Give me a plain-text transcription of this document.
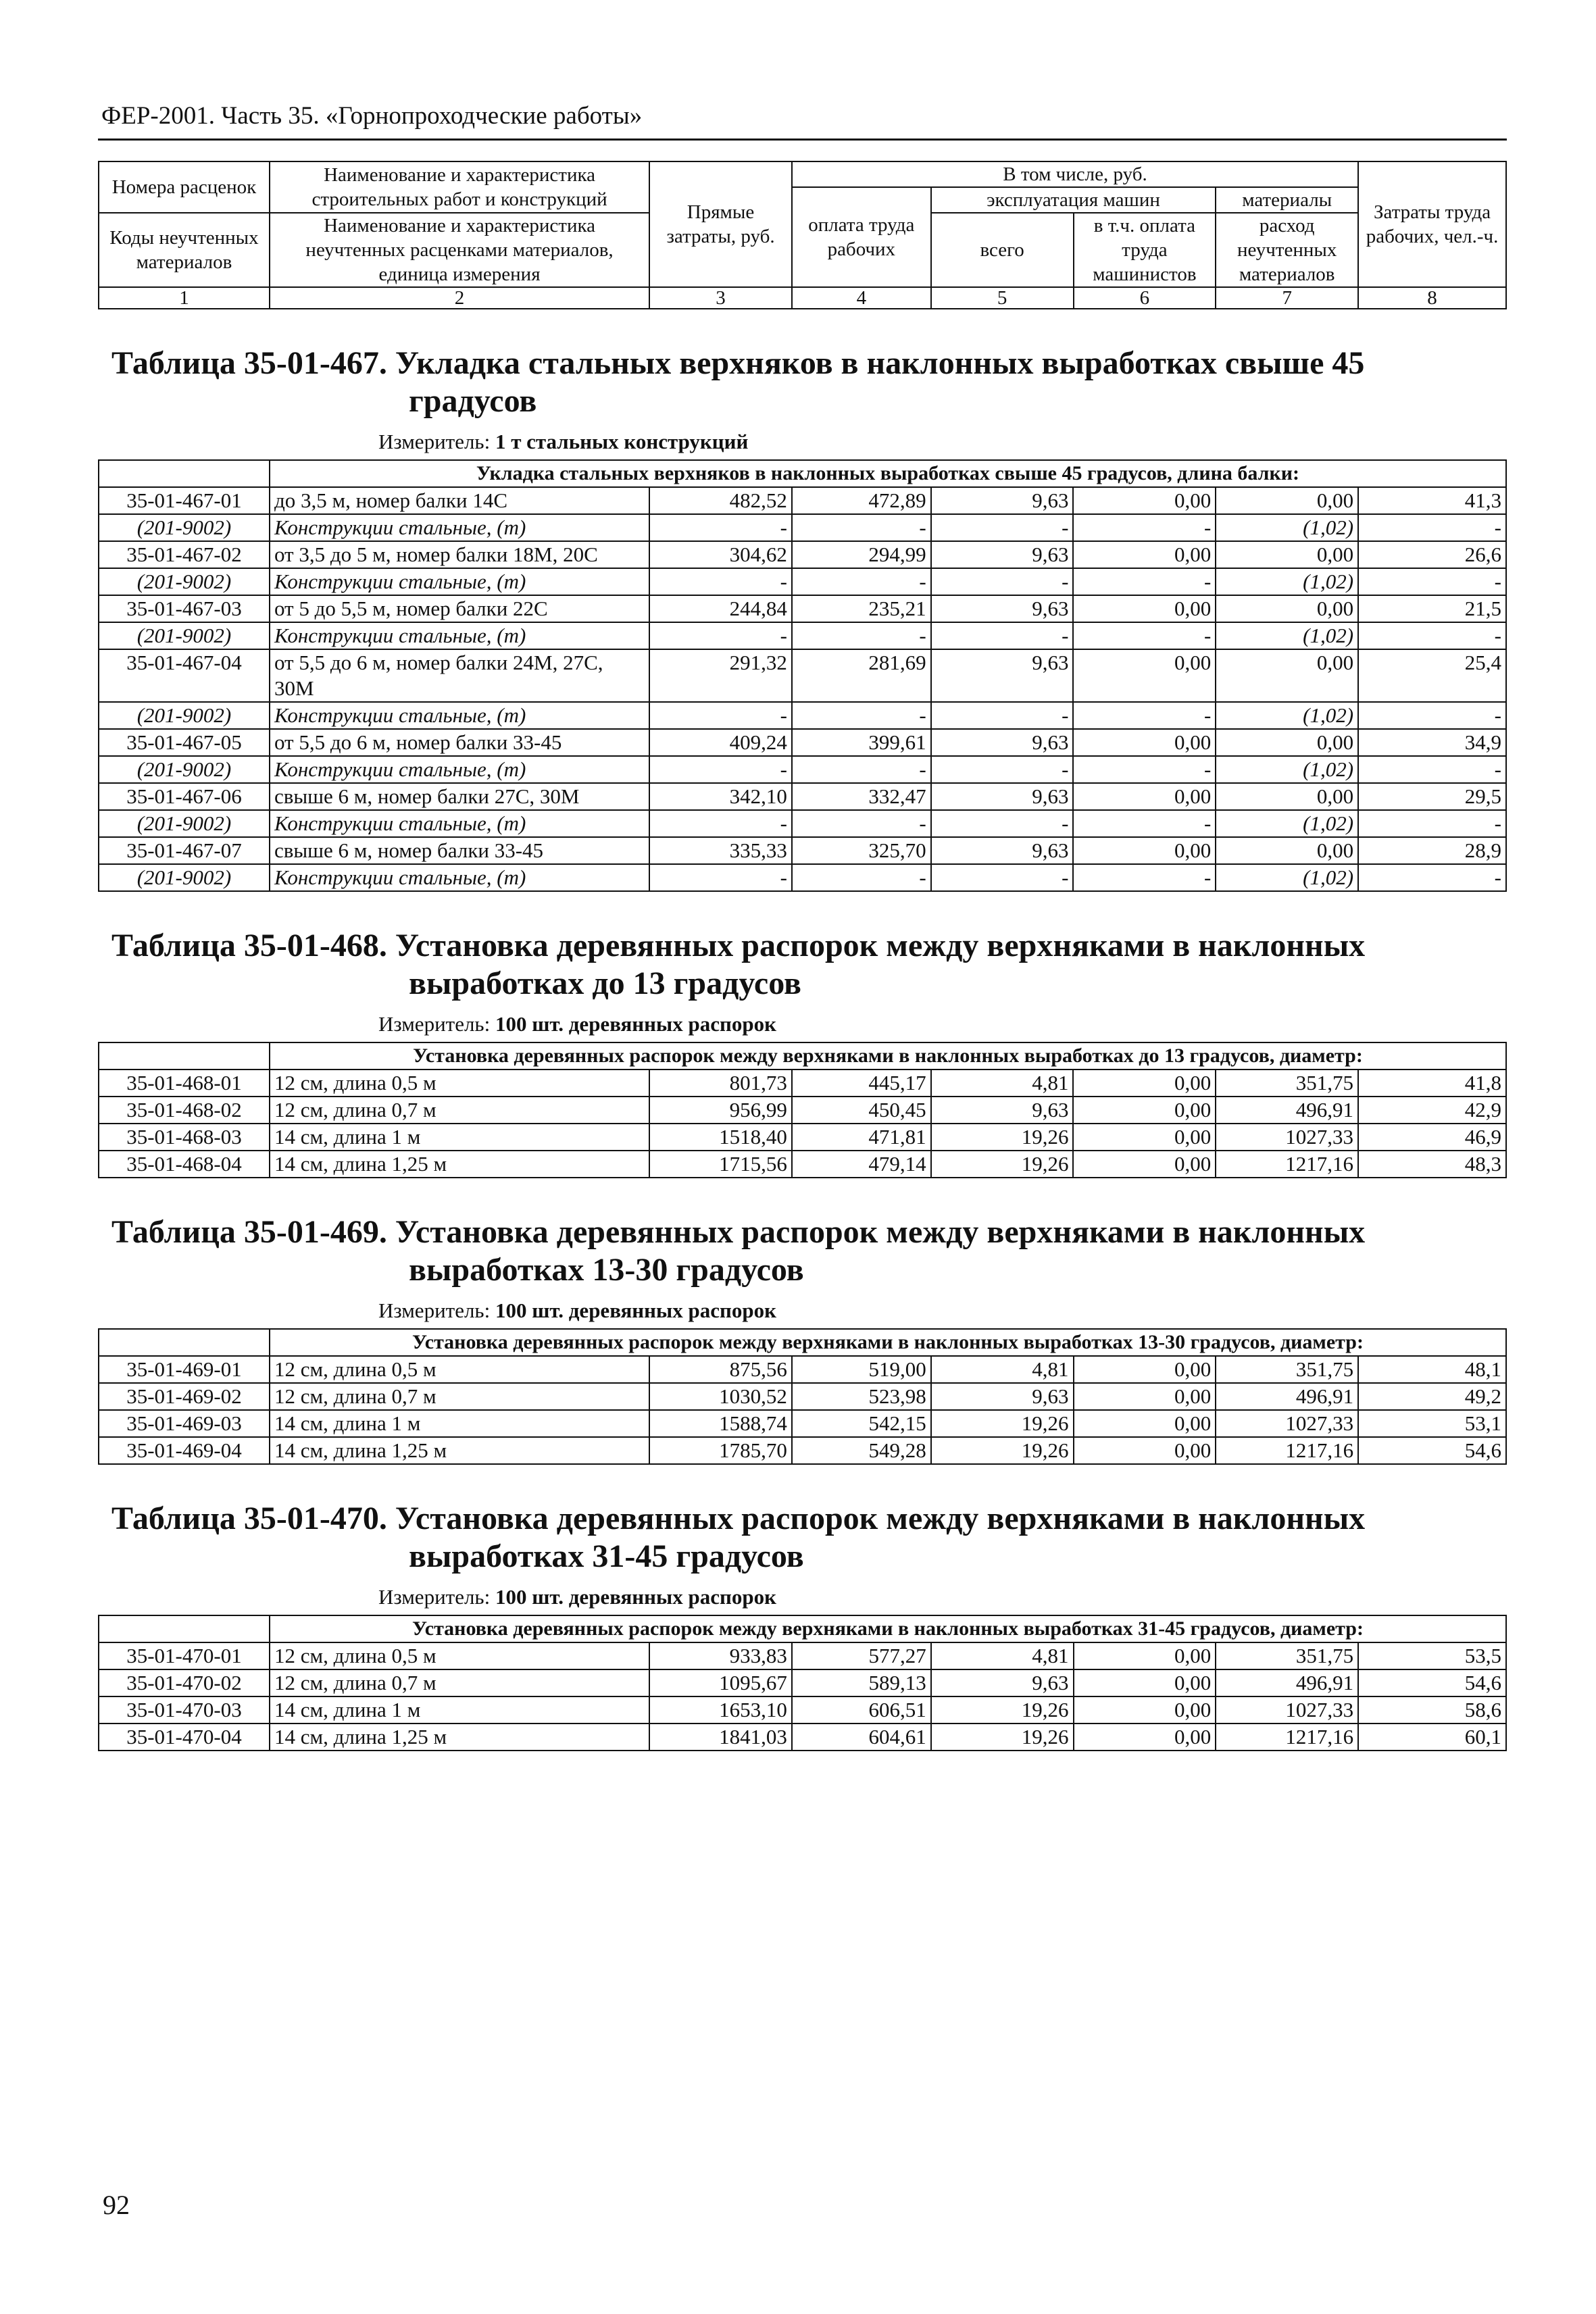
ФЕР-2001. Часть 35. «Горнопроходческие работы»
Номера расценок	Наименование и характеристика строительных работ и конструкций	Прямые затраты, руб.	В том числе, руб.				Затраты труда рабочих, чел.-ч.
			оплата труда рабочих	эксплуатация машин		материалы	
Коды неучтенных материалов	Наименование и характеристика неучтенных расценками материалов, единица измерения			всего	в т.ч. оплата труда машинистов	расход неучтенных материалов	

1	2	3	4	5	6	7	8
Таблица 35-01-467. Укладка стальных верхняков в наклонных выработках свыше 45
градусов
Измеритель: 1 т стальных конструкций
	Укладка стальных верхняков в наклонных выработках свыше 45 градусов, длина балки:						
35-01-467-01	до 3,5 м, номер балки 14С	482,52	472,89	9,63	0,00	0,00	41,3
(201-9002)	Конструкции стальные, (т)	-	-	-	-	(1,02)	-
35-01-467-02	от 3,5 до 5 м, номер балки 18М, 20С	304,62	294,99	9,63	0,00	0,00	26,6
(201-9002)	Конструкции стальные, (т)	-	-	-	-	(1,02)	-
35-01-467-03	от 5 до 5,5 м, номер балки 22С	244,84	235,21	9,63	0,00	0,00	21,5
(201-9002)	Конструкции стальные, (т)	-	-	-	-	(1,02)	-
35-01-467-04	от 5,5 до 6 м, номер балки 24М, 27С, 30М	291,32	281,69	9,63	0,00	0,00	25,4
(201-9002)	Конструкции стальные, (т)	-	-	-	-	(1,02)	-
35-01-467-05	от 5,5 до 6 м, номер балки 33-45	409,24	399,61	9,63	0,00	0,00	34,9
(201-9002)	Конструкции стальные, (т)	-	-	-	-	(1,02)	-
35-01-467-06	свыше 6 м, номер балки 27С, 30М	342,10	332,47	9,63	0,00	0,00	29,5
(201-9002)	Конструкции стальные, (т)	-	-	-	-	(1,02)	-
35-01-467-07	свыше 6 м, номер балки 33-45	335,33	325,70	9,63	0,00	0,00	28,9
(201-9002)	Конструкции стальные, (т)	-	-	-	-	(1,02)	-
Таблица 35-01-468. Установка деревянных распорок между верхняками в наклонных
выработках до 13 градусов
Измеритель: 100 шт. деревянных распорок
	Установка деревянных распорок между верхняками в наклонных выработках до 13 градусов, диаметр:						
35-01-468-01	12 см, длина 0,5 м	801,73	445,17	4,81	0,00	351,75	41,8
35-01-468-02	12 см, длина 0,7 м	956,99	450,45	9,63	0,00	496,91	42,9
35-01-468-03	14 см, длина 1 м	1518,40	471,81	19,26	0,00	1027,33	46,9
35-01-468-04	14 см, длина 1,25 м	1715,56	479,14	19,26	0,00	1217,16	48,3
Таблица 35-01-469. Установка деревянных распорок между верхняками в наклонных
выработках 13-30 градусов
Измеритель: 100 шт. деревянных распорок
	Установка деревянных распорок между верхняками в наклонных выработках 13-30 градусов, диаметр:						
35-01-469-01	12 см, длина 0,5 м	875,56	519,00	4,81	0,00	351,75	48,1
35-01-469-02	12 см, длина 0,7 м	1030,52	523,98	9,63	0,00	496,91	49,2
35-01-469-03	14 см, длина 1 м	1588,74	542,15	19,26	0,00	1027,33	53,1
35-01-469-04	14 см, длина 1,25 м	1785,70	549,28	19,26	0,00	1217,16	54,6
Таблица 35-01-470. Установка деревянных распорок между верхняками в наклонных
выработках 31-45 градусов
Измеритель: 100 шт. деревянных распорок
	Установка деревянных распорок между верхняками в наклонных выработках 31-45 градусов, диаметр:						
35-01-470-01	12 см, длина 0,5 м	933,83	577,27	4,81	0,00	351,75	53,5
35-01-470-02	12 см, длина 0,7 м	1095,67	589,13	9,63	0,00	496,91	54,6
35-01-470-03	14 см, длина 1 м	1653,10	606,51	19,26	0,00	1027,33	58,6
35-01-470-04	14 см, длина 1,25 м	1841,03	604,61	19,26	0,00	1217,16	60,1
92
